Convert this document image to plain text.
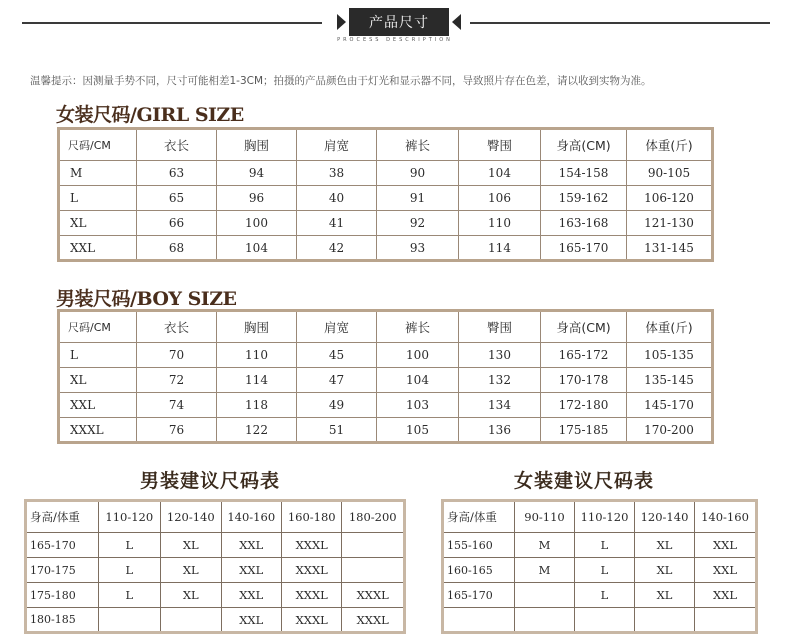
产品尺寸
PROCESS DESCRIPTION
温馨提示：因测量手势不同，尺寸可能相差1-3CM；拍摄的产品颜色由于灯光和显示器不同，导致照片存在色差，请以收到实物为准。
女装尺码/GIRL SIZE
尺码/CM	衣长	胸围	肩宽	裤长	臀围	身高(CM)	体重(斤)
M	63	94	38	90	104	154-158	90-105
L	65	96	40	91	106	159-162	106-120
XL	66	100	41	92	110	163-168	121-130
XXL	68	104	42	93	114	165-170	131-145
男装尺码/BOY SIZE
尺码/CM	衣长	胸围	肩宽	裤长	臀围	身高(CM)	体重(斤)
L	70	110	45	100	130	165-172	105-135
XL	72	114	47	104	132	170-178	135-145
XXL	74	118	49	103	134	172-180	145-170
XXXL	76	122	51	105	136	175-185	170-200
男装建议尺码表
身高/体重	110-120	120-140	140-160	160-180	180-200
165-170	L	XL	XXL	XXXL	
170-175	L	XL	XXL	XXXL	
175-180	L	XL	XXL	XXXL	XXXL
180-185			XXL	XXXL	XXXL
女装建议尺码表
身高/体重	90-110	110-120	120-140	140-160
155-160	M	L	XL	XXL
160-165	M	L	XL	XXL
165-170		L	XL	XXL
